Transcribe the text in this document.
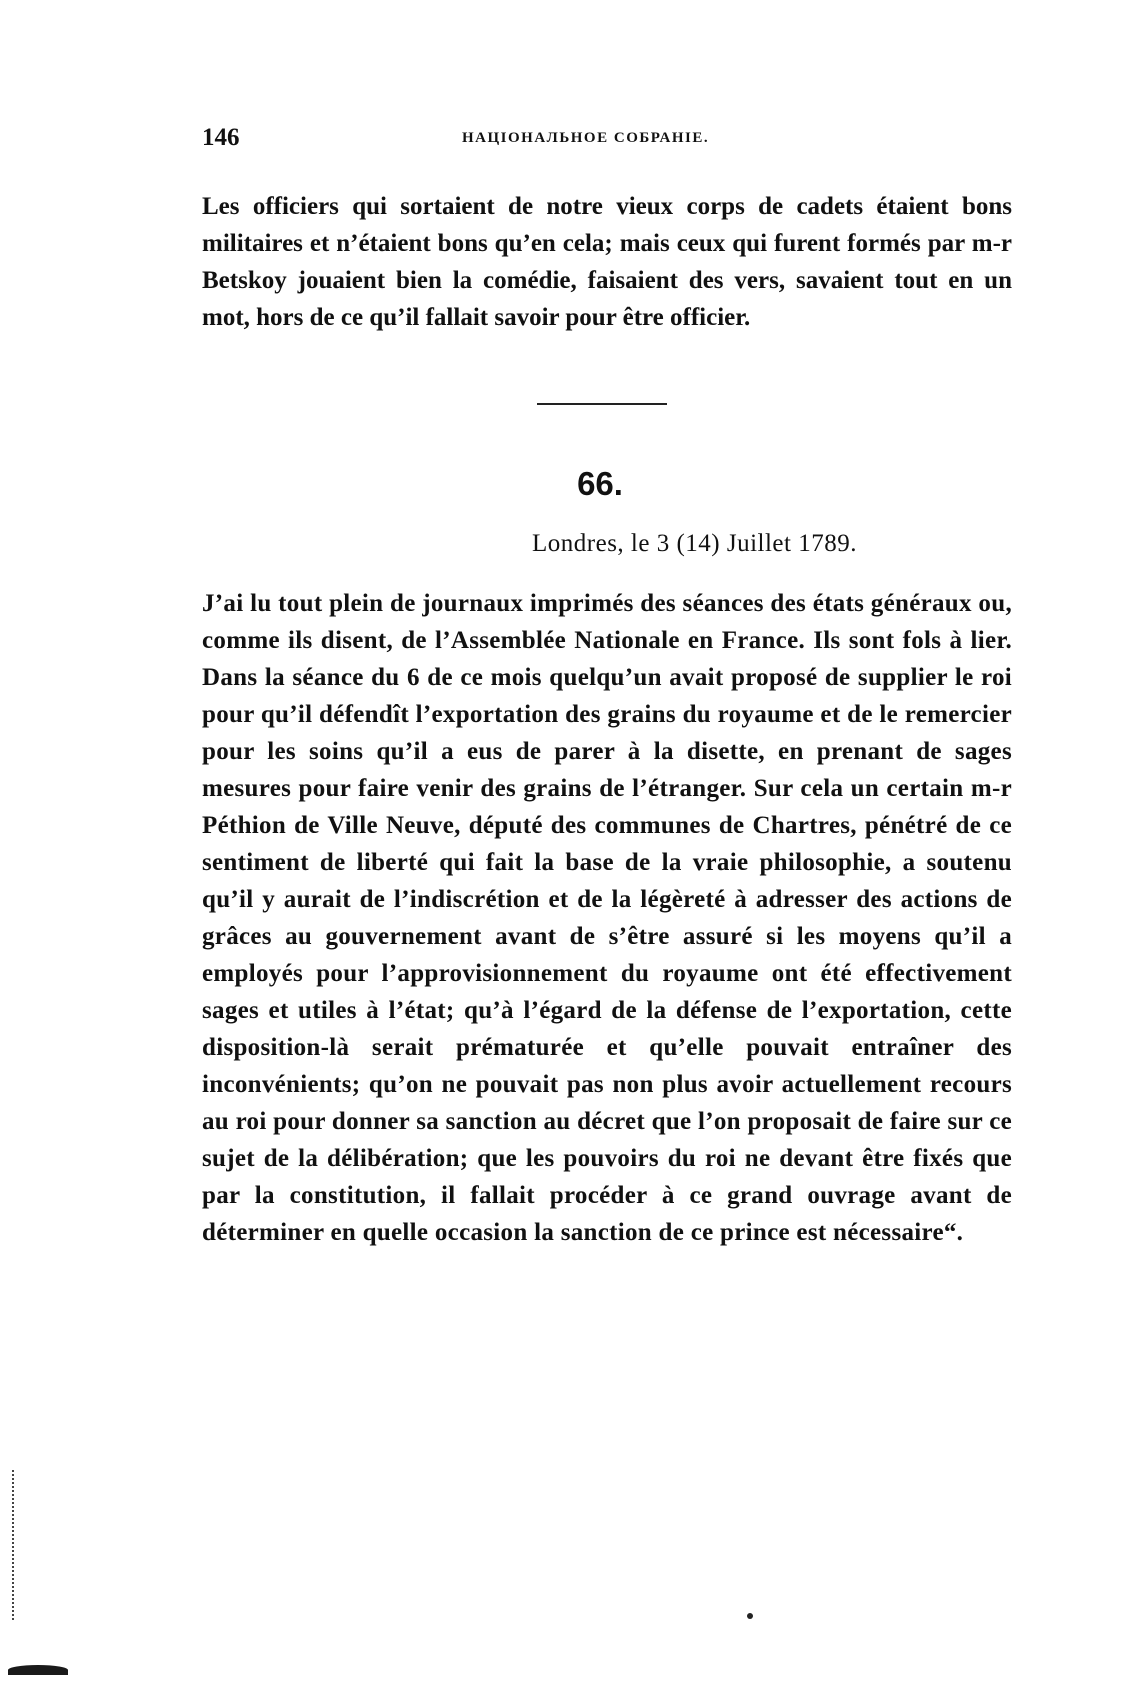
146	НАЦIОНАЛЬНОЕ СОБРАНIЕ.

Les officiers qui sortaient de notre vieux corps de cadets étaient bons militaires et n’étaient bons qu’en cela; mais ceux qui furent formés par m-r Betskoy jouaient bien la comédie, faisaient des vers, savaient tout en un mot, hors de ce qu’il fallait savoir pour être officier.

66.
Londres, le 3 (14) Juillet 1789.

J’ai lu tout plein de journaux imprimés des séances des états généraux ou, comme ils disent, de l’Assemblée Nationale en France. Ils sont fols à lier. Dans la séance du 6 de ce mois quelqu’un avait proposé de supplier le roi pour qu’il défendît l’exportation des grains du royaume et de le remercier pour les soins qu’il a eus de parer à la disette, en prenant de sages mesures pour faire venir des grains de l’étranger. Sur cela un certain m-r Péthion de Ville Neuve, député des communes de Chartres, pénétré de ce sentiment de liberté qui fait la base de la vraie philosophie, a soutenu qu’il y aurait de l’indiscrétion et de la légèreté à adresser des actions de grâces au gouvernement avant de s’être assuré si les moyens qu’il a employés pour l’approvisionnement du royaume ont été effectivement sages et utiles à l’état; qu’à l’égard de la défense de l’exportation, cette disposition-là serait prématurée et qu’elle pouvait entraîner des inconvénients; qu’on ne pouvait pas non plus avoir actuellement recours au roi pour donner sa sanction au décret que l’on proposait de faire sur ce sujet de la délibération; que les pouvoirs du roi ne devant être fixés que par la constitution, il fallait procéder à ce grand ouvrage avant de déterminer en quelle occasion la sanction de ce prince est nécessaire“.
